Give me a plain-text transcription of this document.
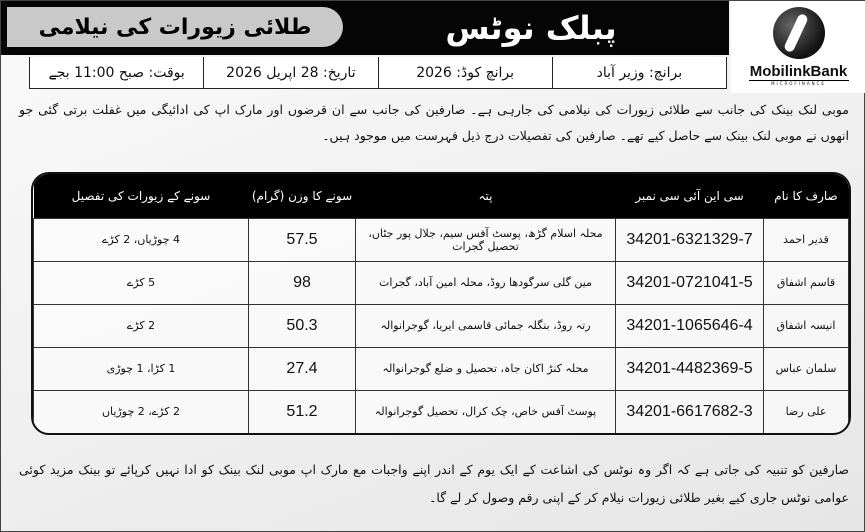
طلائی زیورات کی نیلامی	پبلک نوٹس
MobilinkBank
MICROFINANCE
برانچ: وزیر آباد
برانچ کوڈ: 2026
تاریخ: 28 اپریل 2026
بوقت: صبح 11:00 بجے

موبی لنک بینک کی جانب سے طلائی زیورات کی نیلامی کی جارہی ہے۔ صارفین کی جانب سے ان قرضوں اور مارک اپ کی ادائیگی میں غفلت برتی گئی جو انھوں نے موبی لنک بینک سے حاصل کیے تھے۔ صارفین کی تفصیلات درج ذیل فہرست میں موجود ہیں۔

صارف کا نام	سی این آئی سی نمبر	پتہ	سونے کا وزن (گرام)	سونے کے زیورات کی تفصیل
قدیر احمد	34201-6321329-7	محلہ اسلام گڑھ، پوسٹ آفس سیم، جلال پور جٹاں، تحصیل گجرات	57.5	4 چوڑیاں، 2 کڑے
قاسم اشفاق	34201-0721041-5	مین گلی سرگودھا روڈ، محلہ امین آباد، گجرات	98	5 کڑے
انیسہ اشفاق	34201-1065646-4	رتہ روڈ، بنگلہ جمائی قاسمی ایریا، گوجرانوالہ	50.3	2 کڑے
سلمان عباس	34201-4482369-5	محلہ کنڑ اکان جاہ، تحصیل و ضلع گوجرانوالہ	27.4	1 کڑا، 1 چوڑی
علی رضا	34201-6617682-3	پوسٹ آفس خاص، چک کرال، تحصیل گوجرانوالہ	51.2	2 کڑے، 2 چوڑیاں

صارفین کو تنبیہ کی جاتی ہے کہ اگر وہ نوٹس کی اشاعت کے ایک یوم کے اندر اپنے واجبات مع مارک اپ موبی لنک بینک کو ادا نہیں کرپائے تو بینک مزید کوئی عوامی نوٹس جاری کیے بغیر طلائی زیورات نیلام کر کے اپنی رقم وصول کر لے گا۔
